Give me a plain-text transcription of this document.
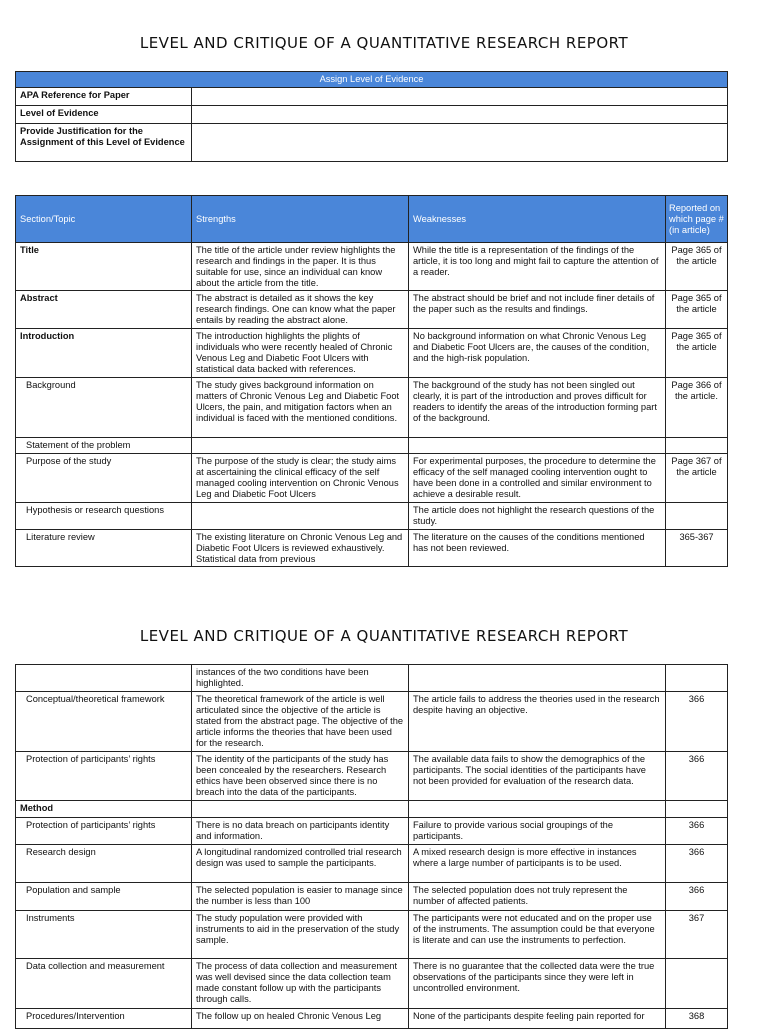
LEVEL AND CRITIQUE OF A QUANTITATIVE RESEARCH REPORT
Assign Level of Evidence	
APA Reference for Paper	
Level of Evidence	
Provide Justification for the Assignment of this Level of Evidence	
Section/Topic	Strengths	Weaknesses	Reported on which page # (in article)
Title	The title of the article under review highlights the research and findings in the paper. It is thus suitable for use, since an individual can know about the article from the title.	While the title is a representation of the findings of the article, it is too long and might fail to capture the attention of a reader.	Page 365 of the article
Abstract	The abstract is detailed as it shows the key research findings. One can know what the paper entails by reading the abstract alone.	The abstract should be brief and not include finer details of the paper such as the results and findings.	Page 365 of the article
Introduction	The introduction highlights the plights of individuals who were recently healed of Chronic Venous Leg and Diabetic Foot Ulcers with statistical data backed with references.	No background information on what Chronic Venous Leg and Diabetic Foot Ulcers are, the causes of the condition, and the high-risk population.	Page 365 of the article
Background	The study gives background information on matters of Chronic Venous Leg and Diabetic Foot Ulcers, the pain, and mitigation factors when an individual is faced with the mentioned conditions.	The background of the study has not been singled out clearly, it is part of the introduction and proves difficult for readers to identify the areas of the introduction forming part of the background.	Page 366 of the article.
Statement of the problem			
Purpose of the study	The purpose of the study is clear; the study aims at ascertaining the clinical efficacy of the self managed cooling intervention on Chronic Venous Leg and Diabetic Foot Ulcers	For experimental purposes, the procedure to determine the efficacy of the self managed cooling intervention ought to have been done in a controlled and similar environment to achieve a desirable result.	Page 367 of the article
Hypothesis or research questions		The article does not highlight the research questions of the study.	
Literature review	The existing literature on Chronic Venous Leg and Diabetic Foot Ulcers is reviewed exhaustively. Statistical data from previous	The literature on the causes of the conditions mentioned has not been reviewed.	365-367
LEVEL AND CRITIQUE OF A QUANTITATIVE RESEARCH REPORT
	instances of the two conditions have been highlighted.		
Conceptual/theoretical framework	The theoretical framework of the article is well articulated since the objective of the article is stated from the abstract page. The objective of the article informs the theories that have been used for the research.	The article fails to address the theories used in the research despite having an objective.	366
Protection of participants’ rights	The identity of the participants of the study has been concealed by the researchers. Research ethics have been observed since there is no breach into the data of the participants.	The available data fails to show the demographics of the participants. The social identities of the participants have not been provided for evaluation of the research data.	366
Method			
Protection of participants’ rights	There is no data breach on participants identity and information.	Failure to provide various social groupings of the participants.	366
Research design	A longitudinal randomized controlled trial research design was used to sample the participants.	A mixed research design is more effective in instances where a large number of participants is to be used.	366
Population and sample	The selected population is easier to manage since the number is less than 100	The selected population does not truly represent the number of affected patients.	366
Instruments	The study population were provided with instruments to aid in the preservation of the study sample.	The participants were not educated and on the proper use of the instruments. The assumption could be that everyone is literate and can use the instruments to perfection.	367
Data collection and measurement	The process of data collection and measurement was well devised since the data collection team made constant follow up with the participants through calls.	There is no guarantee that the collected data were the true observations of the participants since they were left in uncontrolled environment.	
Procedures/Intervention	The follow up on healed Chronic Venous Leg	None of the participants despite feeling pain reported for	368
